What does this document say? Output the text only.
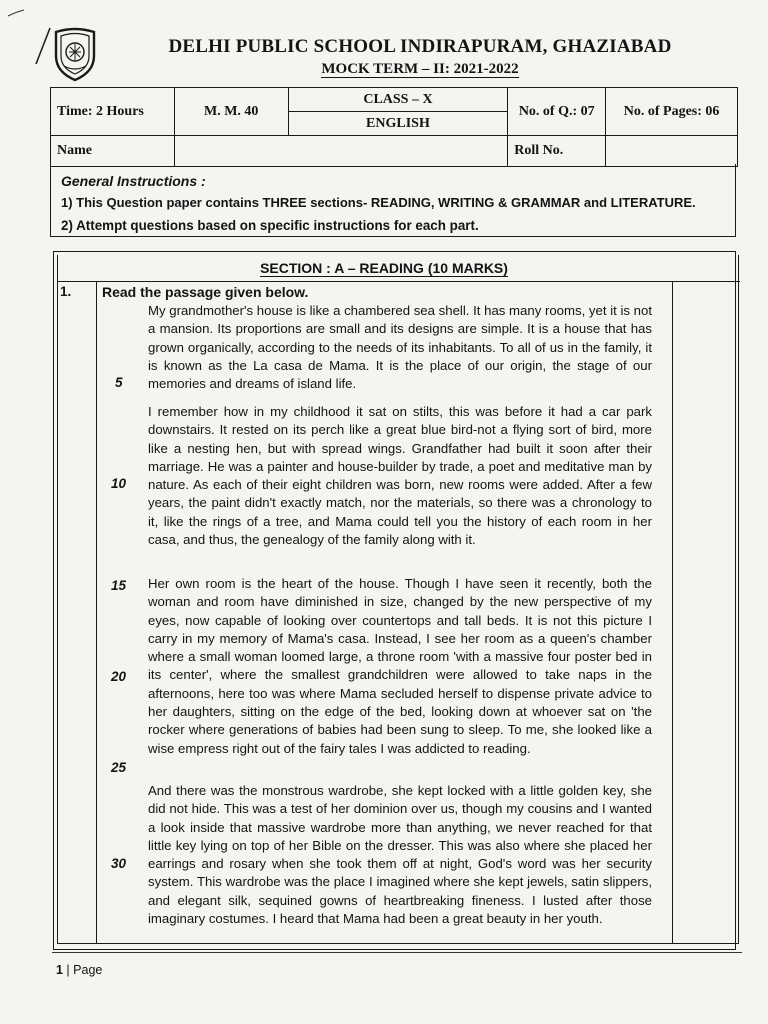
DELHI PUBLIC SCHOOL INDIRAPURAM, GHAZIABAD
MOCK TERM – II: 2021-2022
Time: 2 Hours	M. M. 40	CLASS – X	No. of Q.: 07	No. of Pages: 06
		ENGLISH		
Name			Roll No.	
General Instructions :
1) This Question paper contains THREE sections- READING, WRITING & GRAMMAR and LITERATURE.
2) Attempt questions based on specific instructions for each part.
SECTION : A – READING (10 MARKS)
1. Read the passage given below.
My grandmother's house is like a chambered sea shell. It has many rooms, yet it is not a mansion. Its proportions are small and its designs are simple. It is a house that has grown organically, according to the needs of its inhabitants. To all of us in the family, it is known as the La casa de Mama. It is the place of our origin, the stage of our memories and dreams of island life.
I remember how in my childhood it sat on stilts, this was before it had a car park downstairs. It rested on its perch like a great blue bird-not a flying sort of bird, more like a nesting hen, but with spread wings. Grandfather had built it soon after their marriage. He was a painter and house-builder by trade, a poet and meditative man by nature. As each of their eight children was born, new rooms were added. After a few years, the paint didn't exactly match, nor the materials, so there was a chronology to it, like the rings of a tree, and Mama could tell you the history of each room in her casa, and thus, the genealogy of the family along with it.
Her own room is the heart of the house. Though I have seen it recently, both the woman and room have diminished in size, changed by the new perspective of my eyes, now capable of looking over countertops and tall beds. It is not this picture I carry in my memory of Mama's casa. Instead, I see her room as a queen's chamber where a small woman loomed large, a throne room 'with a massive four poster bed in its center', where the smallest grandchildren were allowed to take naps in the afternoons, here too was where Mama secluded herself to dispense private advice to her daughters, sitting on the edge of the bed, looking down at whoever sat on 'the rocker where generations of babies had been sung to sleep. To me, she looked like a wise empress right out of the fairy tales I was addicted to reading.
And there was the monstrous wardrobe, she kept locked with a little golden key, she did not hide. This was a test of her dominion over us, though my cousins and I wanted a look inside that massive wardrobe more than anything, we never reached for that little key lying on top of her Bible on the dresser. This was also where she placed her earrings and rosary when she took them off at night, God's word was her security system. This wardrobe was the place I imagined where she kept jewels, satin slippers, and elegant silk, sequined gowns of heartbreaking fineness. I lusted after those imaginary costumes. I heard that Mama had been a great beauty in her youth.
5
10
15
20
25
30
1 | Page
